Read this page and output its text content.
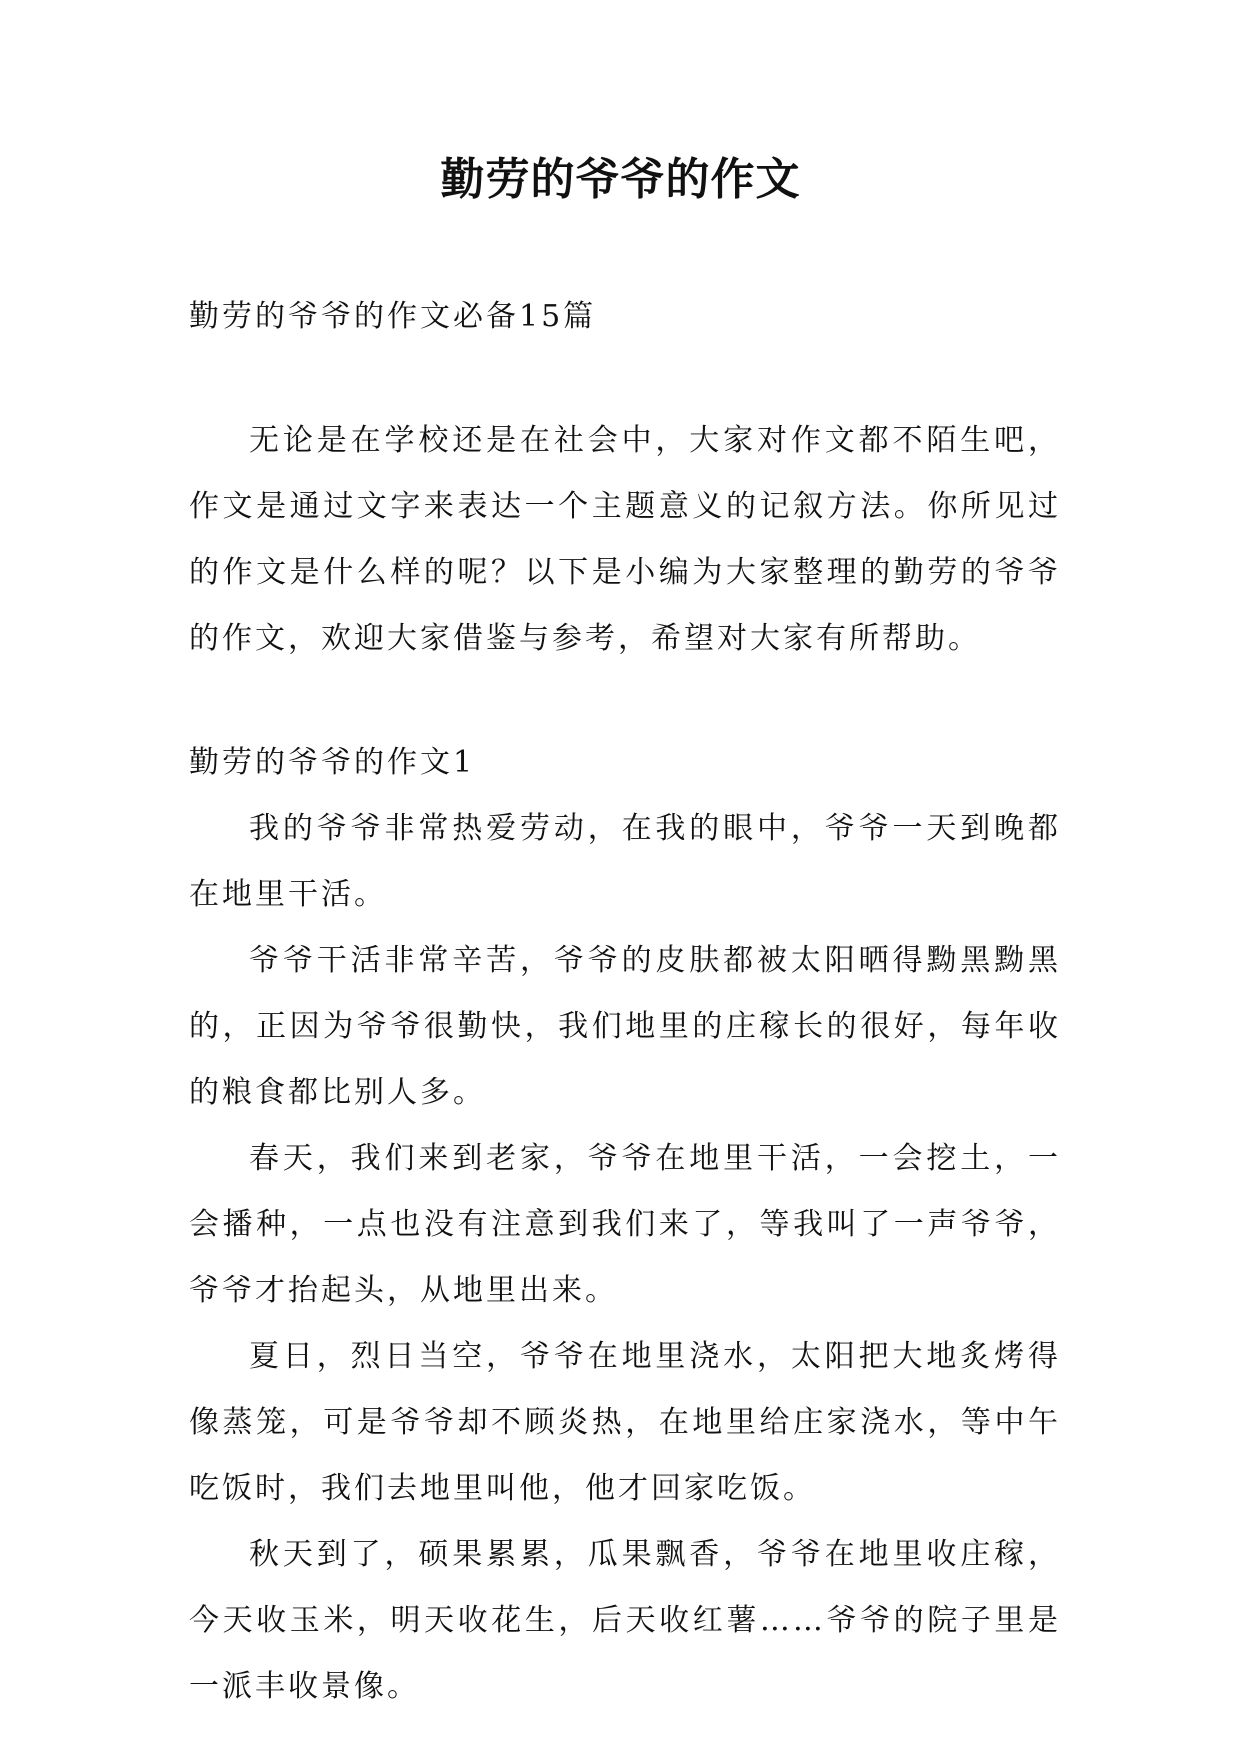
勤劳的爷爷的作文

勤劳的爷爷的作文必备15篇

无论是在学校还是在社会中，大家对作文都不陌生吧，作文是通过文字来表达一个主题意义的记叙方法。你所见过的作文是什么样的呢？以下是小编为大家整理的勤劳的爷爷的作文，欢迎大家借鉴与参考，希望对大家有所帮助。

勤劳的爷爷的作文1

我的爷爷非常热爱劳动，在我的眼中，爷爷一天到晚都在地里干活。

爷爷干活非常辛苦，爷爷的皮肤都被太阳晒得黝黑黝黑的，正因为爷爷很勤快，我们地里的庄稼长的很好，每年收的粮食都比别人多。

春天，我们来到老家，爷爷在地里干活，一会挖土，一会播种，一点也没有注意到我们来了，等我叫了一声爷爷，爷爷才抬起头，从地里出来。

夏日，烈日当空，爷爷在地里浇水，太阳把大地炙烤得像蒸笼，可是爷爷却不顾炎热，在地里给庄家浇水，等中午吃饭时，我们去地里叫他，他才回家吃饭。

秋天到了，硕果累累，瓜果飘香，爷爷在地里收庄稼，今天收玉米，明天收花生，后天收红薯……爷爷的院子里是一派丰收景像。
